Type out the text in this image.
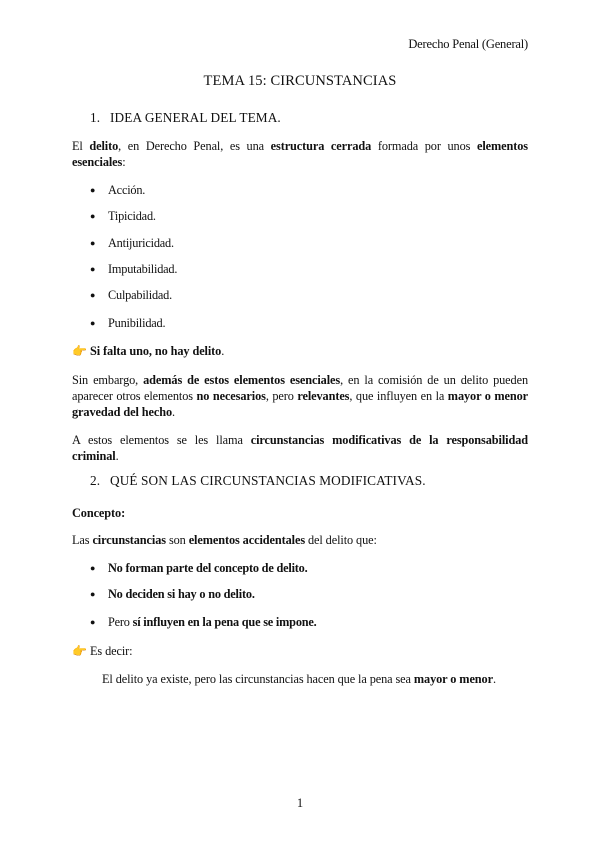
Derecho Penal (General)
TEMA 15: CIRCUNSTANCIAS
1. IDEA GENERAL DEL TEMA.
El delito, en Derecho Penal, es una estructura cerrada formada por unos elementos esenciales:
● Acción.
● Tipicidad.
● Antijuricidad.
● Imputabilidad.
● Culpabilidad.
● Punibilidad.
👉 Si falta uno, no hay delito.
Sin embargo, además de estos elementos esenciales, en la comisión de un delito pueden aparecer otros elementos no necesarios, pero relevantes, que influyen en la mayor o menor gravedad del hecho.
A estos elementos se les llama circunstancias modificativas de la responsabilidad criminal.
2. QUÉ SON LAS CIRCUNSTANCIAS MODIFICATIVAS.
Concepto:
Las circunstancias son elementos accidentales del delito que:
● No forman parte del concepto de delito.
● No deciden si hay o no delito.
● Pero sí influyen en la pena que se impone.
👉 Es decir:
El delito ya existe, pero las circunstancias hacen que la pena sea mayor o menor.
1
